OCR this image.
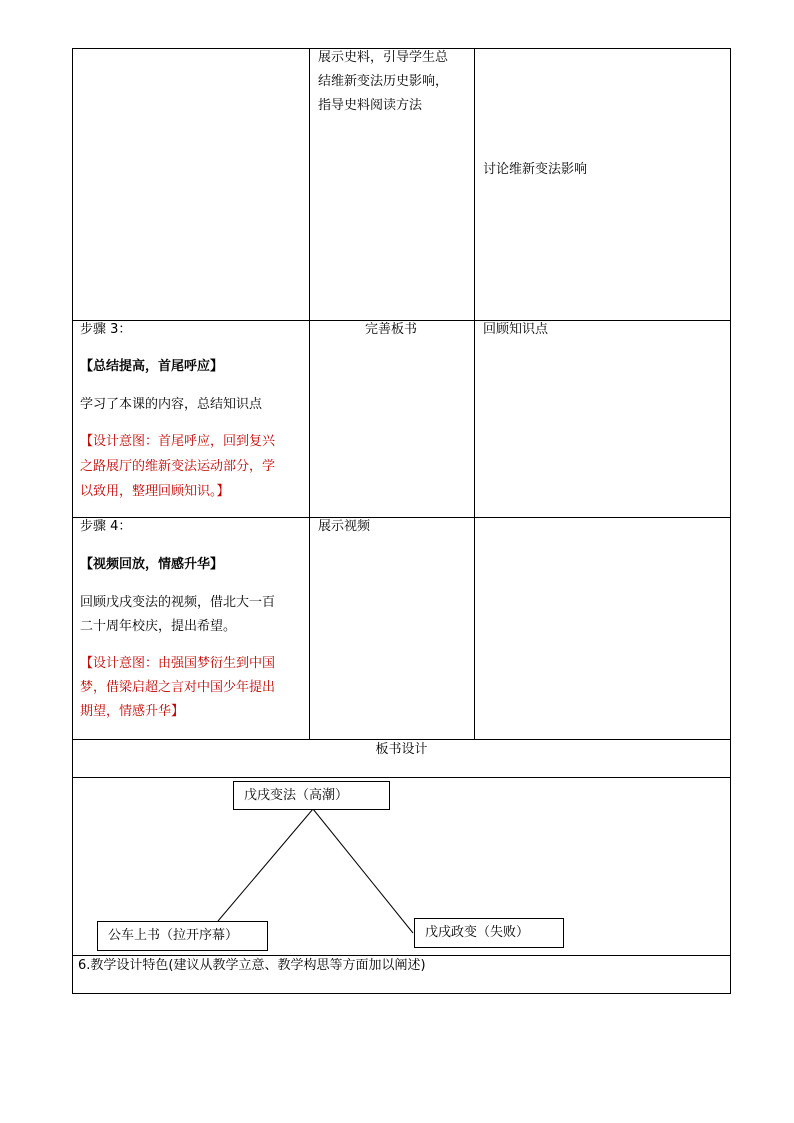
展示史料，引导学生总
结维新变法历史影响，
指导史料阅读方法
讨论维新变法影响
步骤 3：
【总结提高，首尾呼应】
学习了本课的内容，总结知识点
【设计意图：首尾呼应，回到复兴
之路展厅的维新变法运动部分，学
以致用，整理回顾知识。】
完善板书	回顾知识点
步骤 4：
【视频回放，情感升华】
回顾戊戌变法的视频，借北大一百
二十周年校庆，提出希望。
【设计意图：由强国梦衍生到中国
梦，借梁启超之言对中国少年提出
期望，情感升华】
展示视频
板书设计
戊戌变法（高潮）
公车上书（拉开序幕）	戊戌政变（失败）
6.教学设计特色(建议从教学立意、教学构思等方面加以阐述)
